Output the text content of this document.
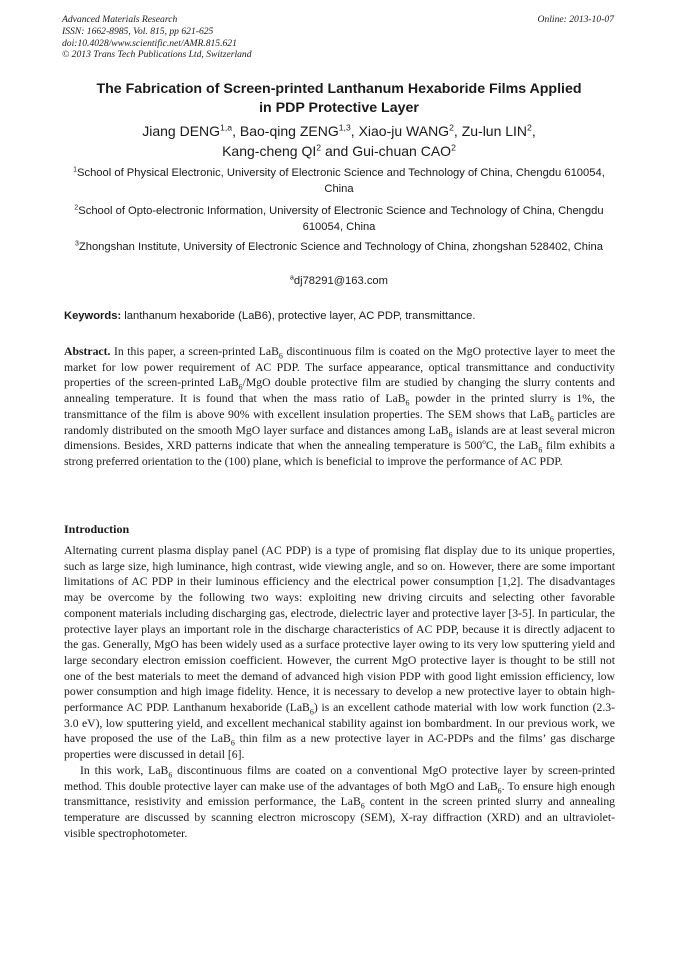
Advanced Materials Research
ISSN: 1662-8985, Vol. 815, pp 621-625
doi:10.4028/www.scientific.net/AMR.815.621
© 2013 Trans Tech Publications Ltd, Switzerland
Online: 2013-10-07
The Fabrication of Screen-printed Lanthanum Hexaboride Films Applied
in PDP Protective Layer
Jiang DENG$^{1,a}$, Bao-qing ZENG$^{1,3}$, Xiao-ju WANG$^2$, Zu-lun LIN$^2$,
Kang-cheng $QI^2$ and Gui-chuan CAO$^2$
$^1$School of Physical Electronic, University of Electronic Science and Technology of China, Chengdu 610054, China
$^2$School of Opto-electronic Information, University of Electronic Science and Technology of China, Chengdu 610054, China
$^3$Zhongshan Institute, University of Electronic Science and Technology of China, zhongshan 528402, China
$^a$dj78291@163.com
Keywords: lanthanum hexaboride (LaB6), protective layer, AC PDP, transmittance.

Abstract. In this paper, a screen-printed LaB$_6$ discontinuous film is coated on the MgO protective layer to meet the market for low power requirement of AC PDP. The surface appearance, optical transmittance and conductivity properties of the screen-printed LaB$_6$/MgO double protective film are studied by changing the slurry contents and annealing temperature. It is found that when the mass ratio of LaB$_6$ powder in the printed slurry is 1%, the transmittance of the film is above 90% with excellent insulation properties. The SEM shows that LaB$_6$ particles are randomly distributed on the smooth MgO layer surface and distances among LaB$_6$ islands are at least several micron dimensions. Besides, XRD patterns indicate that when the annealing temperature is 500$^o$C, the LaB$_6$ film exhibits a strong preferred orientation to the (100) plane, which is beneficial to improve the performance of AC PDP.

Introduction

Alternating current plasma display panel (AC PDP) is a type of promising flat display due to its unique properties, such as large size, high luminance, high contrast, wide viewing angle, and so on. However, there are some important limitations of AC PDP in their luminous efficiency and the electrical power consumption [1,2]. The disadvantages may be overcome by the following two ways: exploiting new driving circuits and selecting other favorable component materials including discharging gas, electrode, dielectric layer and protective layer [3-5]. In particular, the protective layer plays an important role in the discharge characteristics of AC PDP, because it is directly adjacent to the gas. Generally, MgO has been widely used as a surface protective layer owing to its very low sputtering yield and large secondary electron emission coefficient. However, the current MgO protective layer is thought to be still not one of the best materials to meet the demand of advanced high vision PDP with good light emission efficiency, low power consumption and high image fidelity. Hence, it is necessary to develop a new protective layer to obtain high-performance AC PDP. Lanthanum hexaboride (LaB$_6$) is an excellent cathode material with low work function (2.3-3.0 eV), low sputtering yield, and excellent mechanical stability against ion bombardment. In our previous work, we have proposed the use of the LaB$_6$ thin film as a new protective layer in AC-PDPs and the films’ gas discharge properties were discussed in detail [6].

In this work, LaB$_6$ discontinuous films are coated on a conventional MgO protective layer by screen-printed method. This double protective layer can make use of the advantages of both MgO and LaB$_6$. To ensure high enough transmittance, resistivity and emission performance, the LaB$_6$ content in the screen printed slurry and annealing temperature are discussed by scanning electron microscopy (SEM), X-ray diffraction (XRD) and an ultraviolet-visible spectrophotometer.
